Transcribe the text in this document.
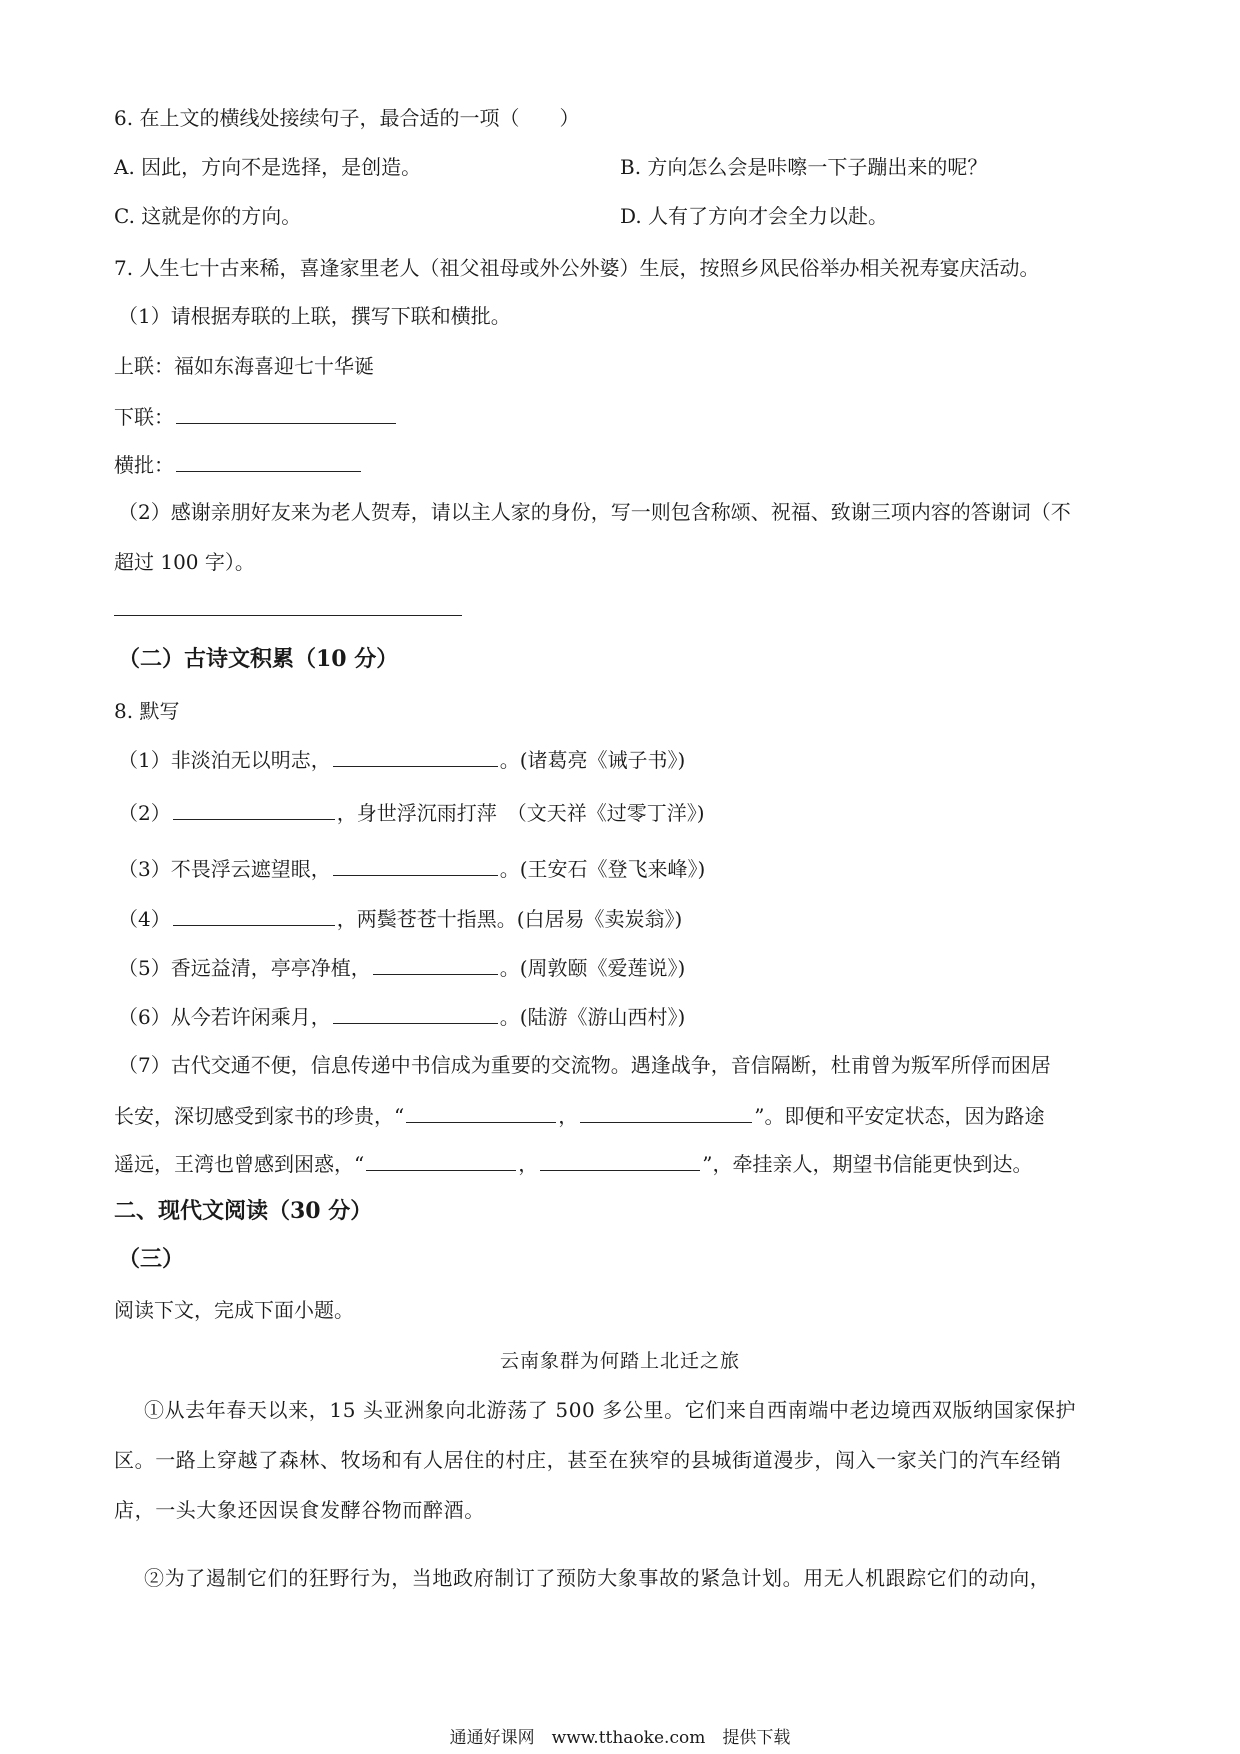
6. 在上文的横线处接续句子，最合适的一项（　　）
A. 因此，方向不是选择，是创造。	B. 方向怎么会是咔嚓一下子蹦出来的呢？
C. 这就是你的方向。	D. 人有了方向才会全力以赴。
7. 人生七十古来稀，喜逢家里老人（祖父祖母或外公外婆）生辰，按照乡风民俗举办相关祝寿宴庆活动。
（1）请根据寿联的上联，撰写下联和横批。
上联：福如东海喜迎七十华诞
下联：
横批：
（2）感谢亲朋好友来为老人贺寿，请以主人家的身份，写一则包含称颂、祝福、致谢三项内容的答谢词（不
超过 100 字）。
（二）古诗文积累（10 分）
8. 默写
（1）非淡泊无以明志，	。(诸葛亮《诫子书》)
（2）	，身世浮沉雨打萍　（文天祥《过零丁洋》)
（3）不畏浮云遮望眼，	。(王安石《登飞来峰》)
（4）	，两鬓苍苍十指黑。(白居易《卖炭翁》)
（5）香远益清，亭亭净植，	。(周敦颐《爱莲说》)
（6）从今若许闲乘月，	。(陆游《游山西村》)
（7）古代交通不便，信息传递中书信成为重要的交流物。遇逢战争，音信隔断，杜甫曾为叛军所俘而困居
长安，深切感受到家书的珍贵，“	，	”。即便和平安定状态，因为路途
遥远，王湾也曾感到困惑，“	，	”，牵挂亲人，期望书信能更快到达。
二、现代文阅读（30 分）
（三）
阅读下文，完成下面小题。
云南象群为何踏上北迁之旅
①从去年春天以来，15 头亚洲象向北游荡了 500 多公里。它们来自西南端中老边境西双版纳国家保护
区。一路上穿越了森林、牧场和有人居住的村庄，甚至在狭窄的县城街道漫步，闯入一家关门的汽车经销
店，一头大象还因误食发酵谷物而醉酒。
②为了遏制它们的狂野行为，当地政府制订了预防大象事故的紧急计划。用无人机跟踪它们的动向，
通通好课网　www.tthaoke.com　提供下载
